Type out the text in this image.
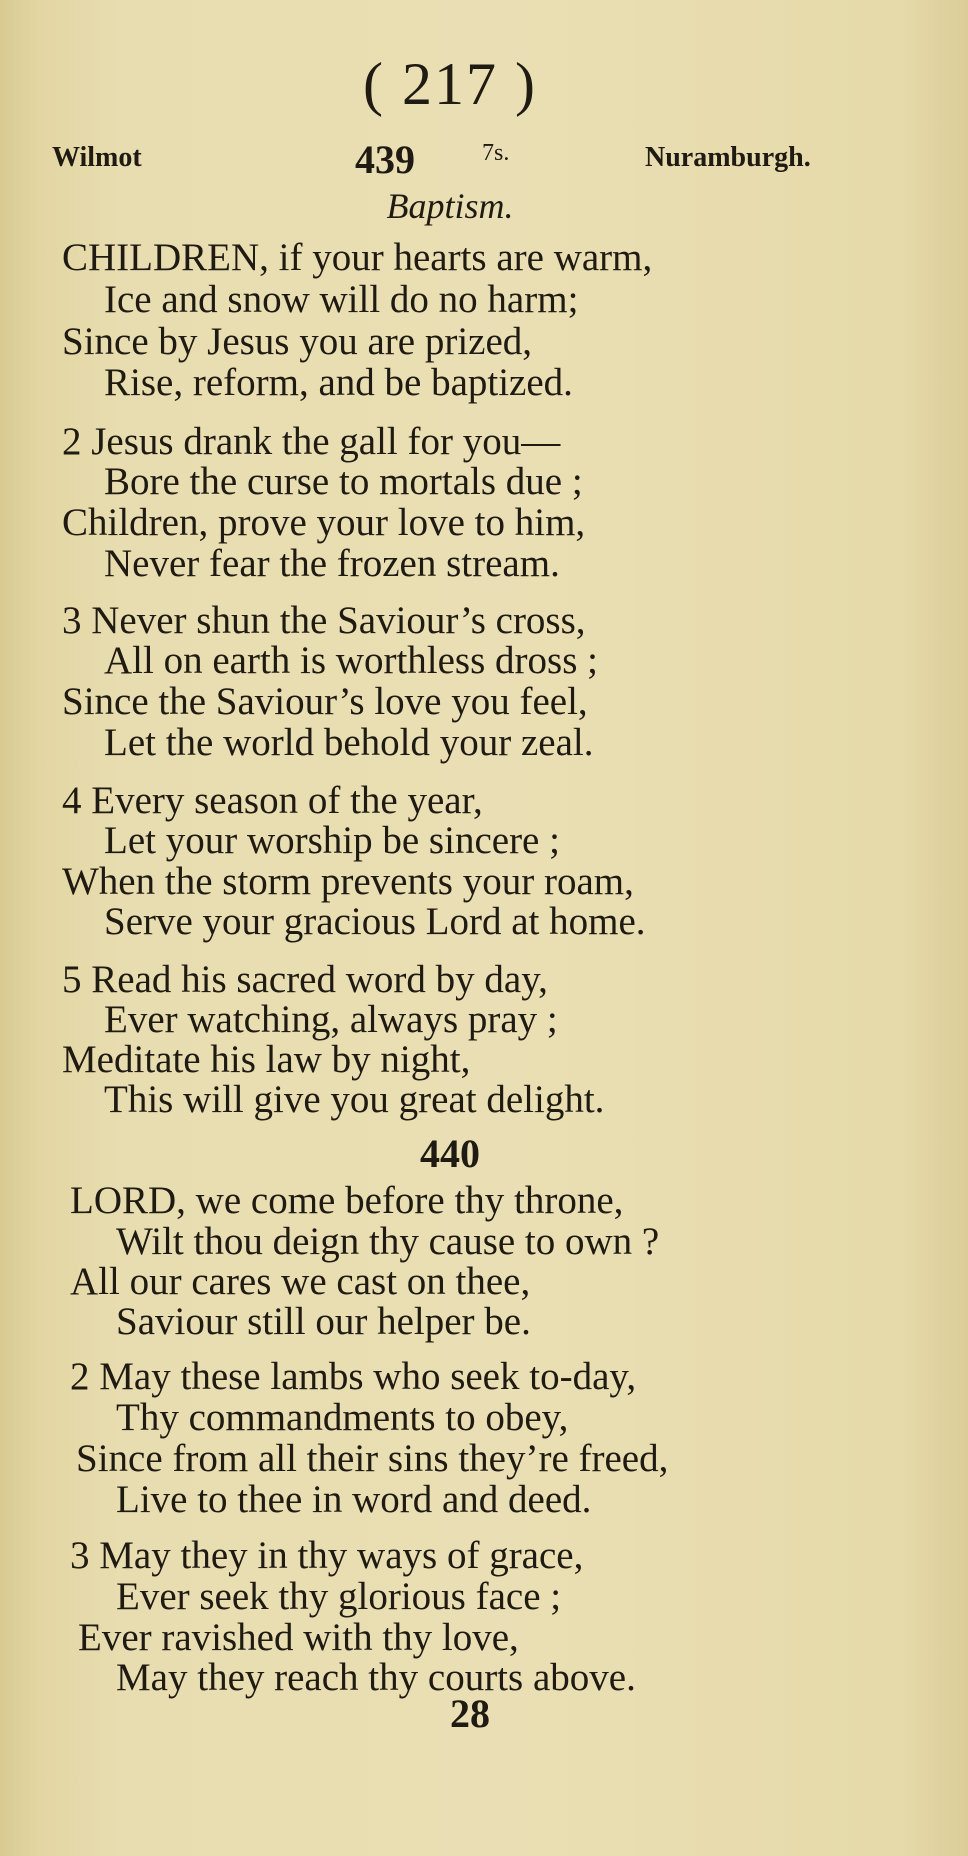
( 217 )
Wilmot	439	7s.	Nuramburgh.
Baptism.
CHILDREN, if your hearts are warm,
Ice and snow will do no harm;
Since by Jesus you are prized,
Rise, reform, and be baptized.
2 Jesus drank the gall for you—
Bore the curse to mortals due ;
Children, prove your love to him,
Never fear the frozen stream.
3 Never shun the Saviour’s cross,
All on earth is worthless dross ;
Since the Saviour’s love you feel,
Let the world behold your zeal.
4 Every season of the year,
Let your worship be sincere ;
When the storm prevents your roam,
Serve your gracious Lord at home.
5 Read his sacred word by day,
Ever watching, always pray ;
Meditate his law by night,
This will give you great delight.
440
LORD, we come before thy throne,
Wilt thou deign thy cause to own ?
All our cares we cast on thee,
Saviour still our helper be.
2 May these lambs who seek to-day,
Thy commandments to obey,
Since from all their sins they’re freed,
Live to thee in word and deed.
3 May they in thy ways of grace,
Ever seek thy glorious face ;
Ever ravished with thy love,
May they reach thy courts above.
28
